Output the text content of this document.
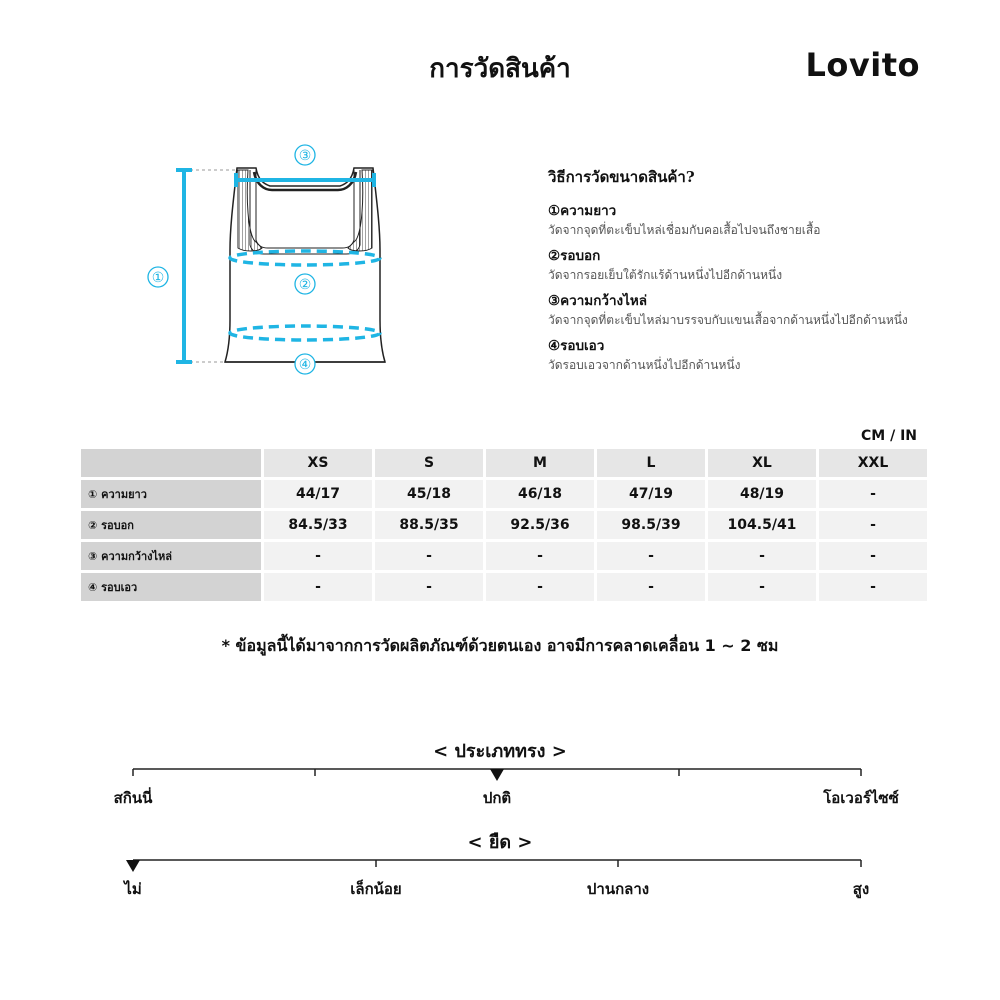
การวัดสินค้า	Lovito
①
③
②
④
วิธีการวัดขนาดสินค้า?
①ความยาว
วัดจากจุดที่ตะเข็บไหล่เชื่อมกับคอเสื้อไปจนถึงชายเสื้อ
②รอบอก
วัดจากรอยเย็บใต้รักแร้ด้านหนึ่งไปอีกด้านหนึ่ง
③ความกว้างไหล่
วัดจากจุดที่ตะเข็บไหล่มาบรรจบกับแขนเสื้อจากด้านหนึ่งไปอีกด้านหนึ่ง
④รอบเอว
วัดรอบเอวจากด้านหนึ่งไปอีกด้านหนึ่ง
CM / IN
	XS	S	M	L	XL	XXL
① ความยาว	44/17	45/18	46/18	47/19	48/19	-
② รอบอก	84.5/33	88.5/35	92.5/36	98.5/39	104.5/41	-
③ ความกว้างไหล่	-	-	-	-	-	-
④ รอบเอว	-	-	-	-	-	-
* ข้อมูลนี้ได้มาจากการวัดผลิตภัณฑ์ด้วยตนเอง อาจมีการคลาดเคลื่อน 1 ~ 2 ซม
< ประเภททรง >
สกินนี่	ปกติ	โอเวอร์ไซซ์
< ยืด >
ไม่	เล็กน้อย	ปานกลาง	สูง
